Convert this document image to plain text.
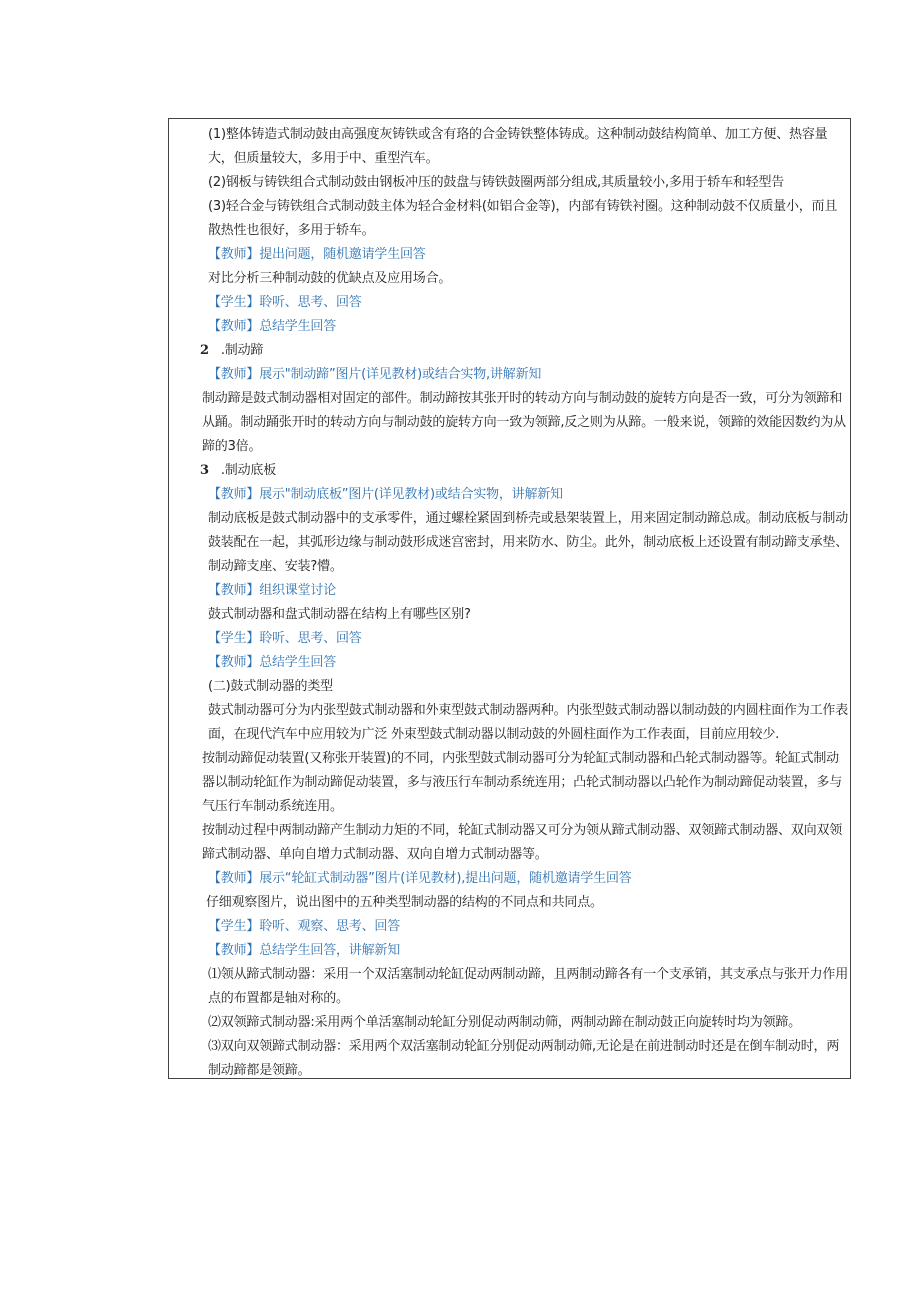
(1)整体铸造式制动鼓由高强度灰铸铁或含有珞的合金铸铁整体铸成。这种制动鼓结构简单、加工方便、热容量大，但质量较大，多用于中、重型汽车。

(2)钢板与铸铁组合式制动鼓由钢板冲压的鼓盘与铸铁鼓圈两部分组成,其质量较小,多用于轿车和轻型告

(3)轻合金与铸铁组合式制动鼓主体为轻合金材料(如铝合金等)，内部有铸铁衬圈。这种制动鼓不仅质量小，而且散热性也很好，多用于轿车。

【教师】提出问题，随机邀请学生回答

对比分析三种制动鼓的优缺点及应用场合。

【学生】聆听、思考、回答

【教师】总结学生回答

2 .制动蹄

【教师】展示"制动蹄”图片(详见教材)或结合实物,讲解新知

制动蹄是鼓式制动器相对固定的部件。制动蹄按其张开时的转动方向与制动鼓的旋转方向是否一致，可分为领蹄和从踊。制动踊张开时的转动方向与制动鼓的旋转方向一致为领蹄,反之则为从蹄。一般来说，领蹄的效能因数约为从蹄的3倍。

3 .制动底板

【教师】展示"制动底板”图片(详见教材)或结合实物，讲解新知

制动底板是鼓式制动器中的支承零件，通过螺栓紧固到桥壳或悬架装置上，用来固定制动蹄总成。制动底板与制动鼓装配在一起，其弧形边缘与制动鼓形成迷宫密封，用来防水、防尘。此外，制动底板上还设置有制动蹄支承垫、制动蹄支座、安装?懵。

【教师】组织课堂讨论

鼓式制动器和盘式制动器在结构上有哪些区别?

【学生】聆听、思考、回答

【教师】总结学生回答

(二)鼓式制动器的类型

鼓式制动器可分为内张型鼓式制动器和外束型鼓式制动器两种。内张型鼓式制动器以制动鼓的内圆柱面作为工作表面，在现代汽车中应用较为广泛 外束型鼓式制动器以制动鼓的外圆柱面作为工作表面，目前应用较少.

按制动蹄促动装置(又称张开装置)的不同，内张型鼓式制动器可分为轮缸式制动器和凸轮式制动器等。轮缸式制动器以制动轮缸作为制动蹄促动装置，多与液压行车制动系统连用；凸轮式制动器以凸轮作为制动蹄促动装置，多与气压行车制动系统连用。

按制动过程中两制动蹄产生制动力矩的不同，轮缸式制动器又可分为领从蹄式制动器、双领蹄式制动器、双向双领蹄式制动器、单向自增力式制动器、双向自增力式制动器等。

【教师】展示“轮缸式制动器”图片(详见教材),提出问题，随机邀请学生回答

仔细观察图片，说出图中的五种类型制动器的结构的不同点和共同点。

【学生】聆听、观察、思考、回答

【教师】总结学生回答，讲解新知

⑴领从蹄式制动器：采用一个双活塞制动轮缸促动两制动蹄，且两制动蹄各有一个支承销，其支承点与张开力作用点的布置都是轴对称的。

⑵双领蹄式制动器:采用两个单活塞制动轮缸分别促动两制动筛，两制动蹄在制动鼓正向旋转时均为领蹄。

⑶双向双领蹄式制动器：采用两个双活塞制动轮缸分别促动两制动筛,无论是在前进制动时还是在倒车制动时，两制动蹄都是领蹄。
